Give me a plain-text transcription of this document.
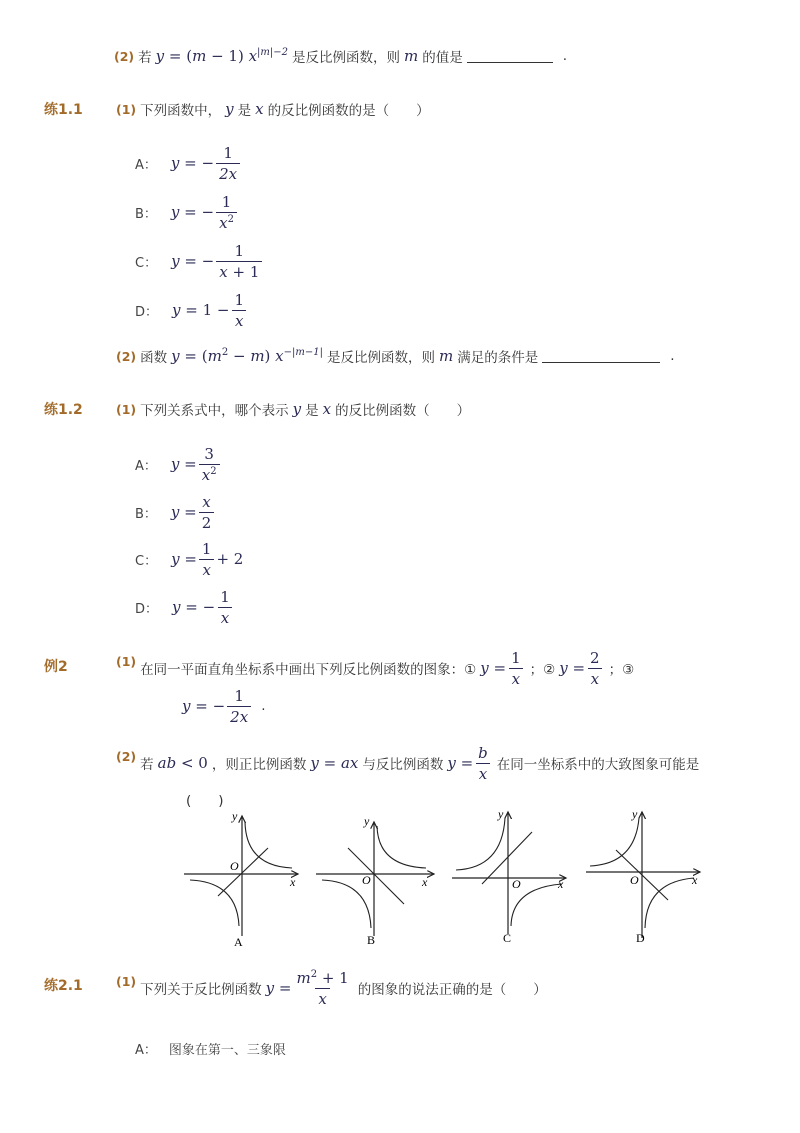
(2) 若 y = (m − 1) $x^{|m|-2}$ 是反比例函数，则 m 的值是	.
练1.1	(1) 下列函数中， y 是 x 的反比例函数的是（　　）
A： y = − $\frac{1}{2x}$
B： y = − $\frac{1}{x^2}$
C： y = − $\frac{1}{x + 1}$
D： $y = 1 - \frac{1}{x}$
(2) 函数 $y = (m^2 - m)$ $x^{-|m-1|}$ 是反比例函数，则 m 满足的条件是	.
练1.2	(1) 下列关系式中，哪个表示 y 是 x 的反比例函数（　　）
A： $y = \frac{3}{x^2}$
B： $y = \frac{x}{2}$
C： $y = \frac{1}{x} + 2$
D： y = − $\frac{1}{x}$
例2	(1)
在同一平面直角坐标系中画出下列反比例函数的图象：① $y = \frac{1}{x}$ ；② $y = \frac{2}{x}$ ；③
y = − $\frac{1}{2x}$ .
(2)
若 ab < 0 ，则正比例函数 y = ax 与反比例函数 $y = \frac{b}{x}$ 在同一坐标系中的大致图象可能是
(　　)
y
x
O
A
y
x
O
B
y
x
O
C
y
x
O
D
练2.1	(1)
下列关于反比例函数 $y = \frac{m^2 + 1}{x}$ 的图象的说法正确的是（　　）
A： 图象在第一、三象限
